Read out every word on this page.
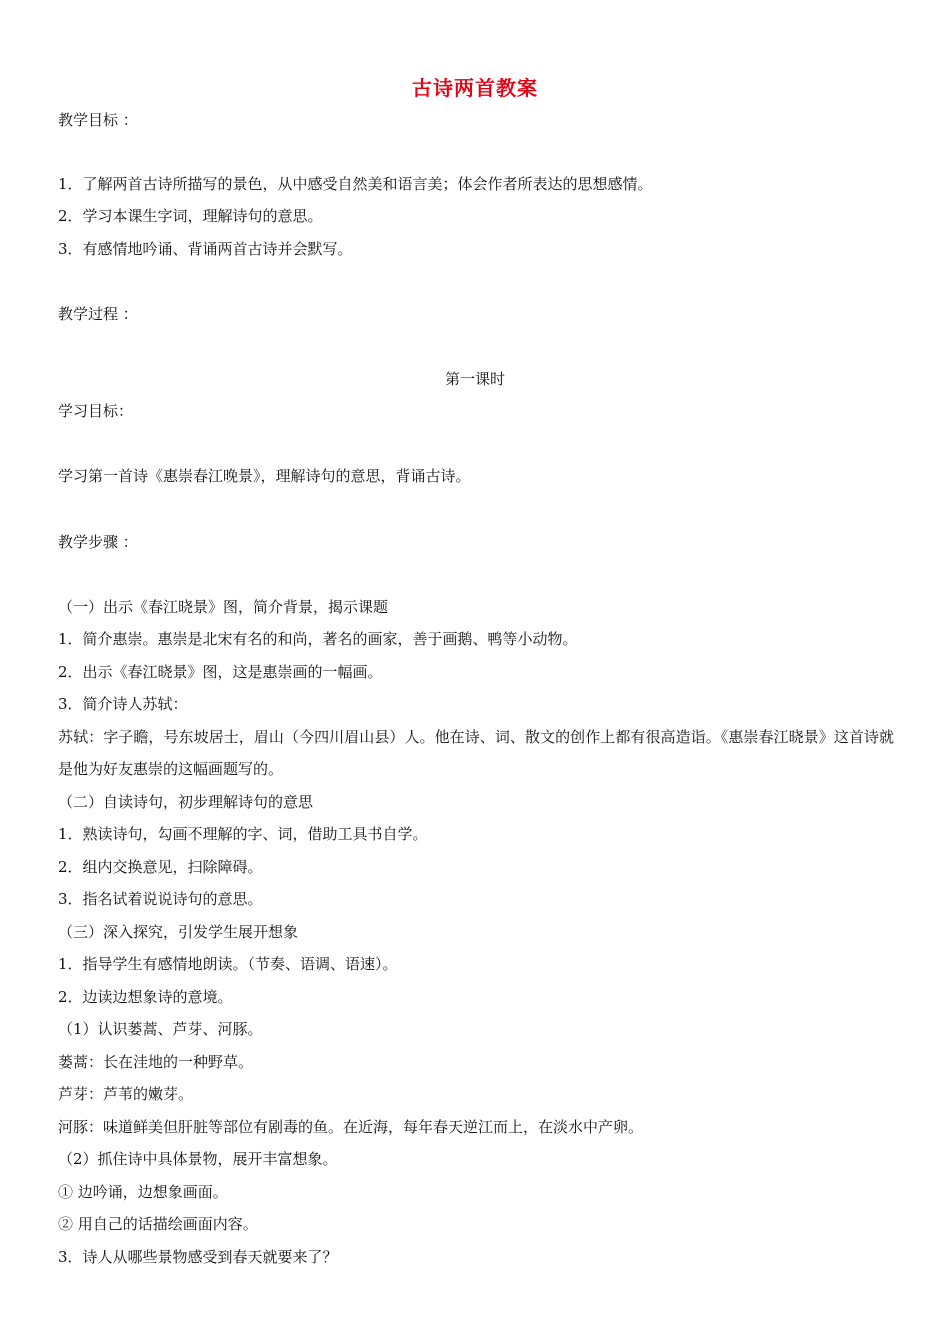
古诗两首教案
教学目标 ：
1．了解两首古诗所描写的景色，从中感受自然美和语言美；体会作者所表达的思想感情。
2．学习本课生字词，理解诗句的意思。
3．有感情地吟诵、背诵两首古诗并会默写。
教学过程 ：
第一课时
学习目标：
学习第一首诗《惠崇春江晚景》，理解诗句的意思，背诵古诗。
教学步骤 ：
（一）出示《春江晓景》图，简介背景，揭示课题
1．简介惠崇。惠崇是北宋有名的和尚，著名的画家，善于画鹅、鸭等小动物。
2．出示《春江晓景》图，这是惠崇画的一幅画。
3．简介诗人苏轼：
苏轼：字子瞻，号东坡居士，眉山（今四川眉山县）人。他在诗、词、散文的创作上都有很高造诣。《惠崇春江晓景》这首诗就是他为好友惠崇的这幅画题写的。
（二）自读诗句，初步理解诗句的意思
1．熟读诗句，勾画不理解的字、词，借助工具书自学。
2．组内交换意见，扫除障碍。
3．指名试着说说诗句的意思。
（三）深入探究，引发学生展开想象
1．指导学生有感情地朗读。（节奏、语调、语速）。
2．边读边想象诗的意境。
（1）认识蒌蒿、芦芽、河豚。
蒌蒿：长在洼地的一种野草。
芦芽：芦苇的嫩芽。
河豚：味道鲜美但肝脏等部位有剧毒的鱼。在近海，每年春天逆江而上，在淡水中产卵。
（2）抓住诗中具体景物，展开丰富想象。
① 边吟诵，边想象画面。
② 用自己的话描绘画面内容。
3．诗人从哪些景物感受到春天就要来了？
